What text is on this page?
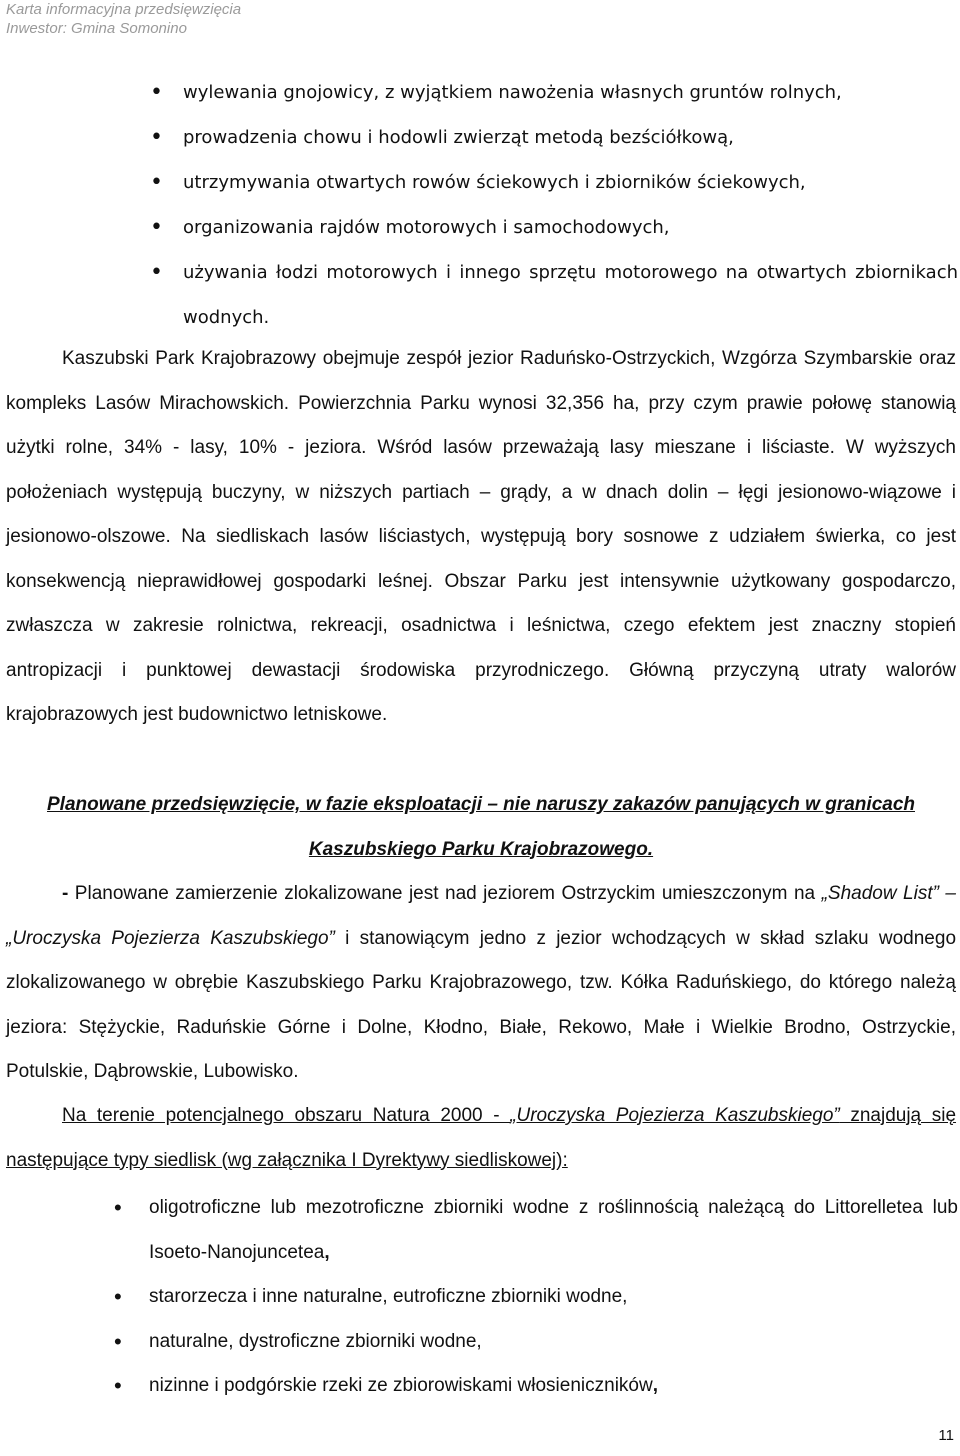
Karta informacyjna przedsięwzięcia
Inwestor: Gmina Somonino
• wylewania gnojowicy, z wyjątkiem nawożenia własnych gruntów rolnych,
• prowadzenia chowu i hodowli zwierząt metodą bezściółkową,
• utrzymywania otwartych rowów ściekowych i zbiorników ściekowych,
• organizowania rajdów motorowych i samochodowych,
• używania łodzi motorowych i innego sprzętu motorowego na otwartych zbiornikach wodnych.

Kaszubski Park Krajobrazowy obejmuje zespół jezior Raduńsko-Ostrzyckich, Wzgórza Szymbarskie oraz kompleks Lasów Mirachowskich. Powierzchnia Parku wynosi 32,356 ha, przy czym prawie połowę stanowią użytki rolne, 34% - lasy, 10% - jeziora. Wśród lasów przeważają lasy mieszane i liściaste. W wyższych położeniach występują buczyny, w niższych partiach – grądy, a w dnach dolin – łęgi jesionowo-wiązowe i jesionowo-olszowe. Na siedliskach lasów liściastych, występują bory sosnowe z udziałem świerka, co jest konsekwencją nieprawidłowej gospodarki leśnej. Obszar Parku jest intensywnie użytkowany gospodarczo, zwłaszcza w zakresie rolnictwa, rekreacji, osadnictwa i leśnictwa, czego efektem jest znaczny stopień antropizacji i punktowej dewastacji środowiska przyrodniczego. Główną przyczyną utraty walorów krajobrazowych jest budownictwo letniskowe.

Planowane przedsięwzięcie, w fazie eksploatacji – nie naruszy zakazów panujących w granicach Kaszubskiego Parku Krajobrazowego.

- Planowane zamierzenie zlokalizowane jest nad jeziorem Ostrzyckim umieszczonym na „Shadow List” – „Uroczyska Pojezierza Kaszubskiego” i stanowiącym jedno z jezior wchodzących w skład szlaku wodnego zlokalizowanego w obrębie Kaszubskiego Parku Krajobrazowego, tzw. Kółka Raduńskiego, do którego należą jeziora: Stężyckie, Raduńskie Górne i Dolne, Kłodno, Białe, Rekowo, Małe i Wielkie Brodno, Ostrzyckie, Potulskie, Dąbrowskie, Lubowisko.

Na terenie potencjalnego obszaru Natura 2000 - „Uroczyska Pojezierza Kaszubskiego” znajdują się następujące typy siedlisk (wg załącznika I Dyrektywy siedliskowej):

• oligotroficzne lub mezotroficzne zbiorniki wodne z roślinnością należącą do Littorelletea lub Isoeto-Nanojuncetea,
• starorzecza i inne naturalne, eutroficzne zbiorniki wodne,
• naturalne, dystroficzne zbiorniki wodne,
• nizinne i podgórskie rzeki ze zbiorowiskami włosieniczników,
11
